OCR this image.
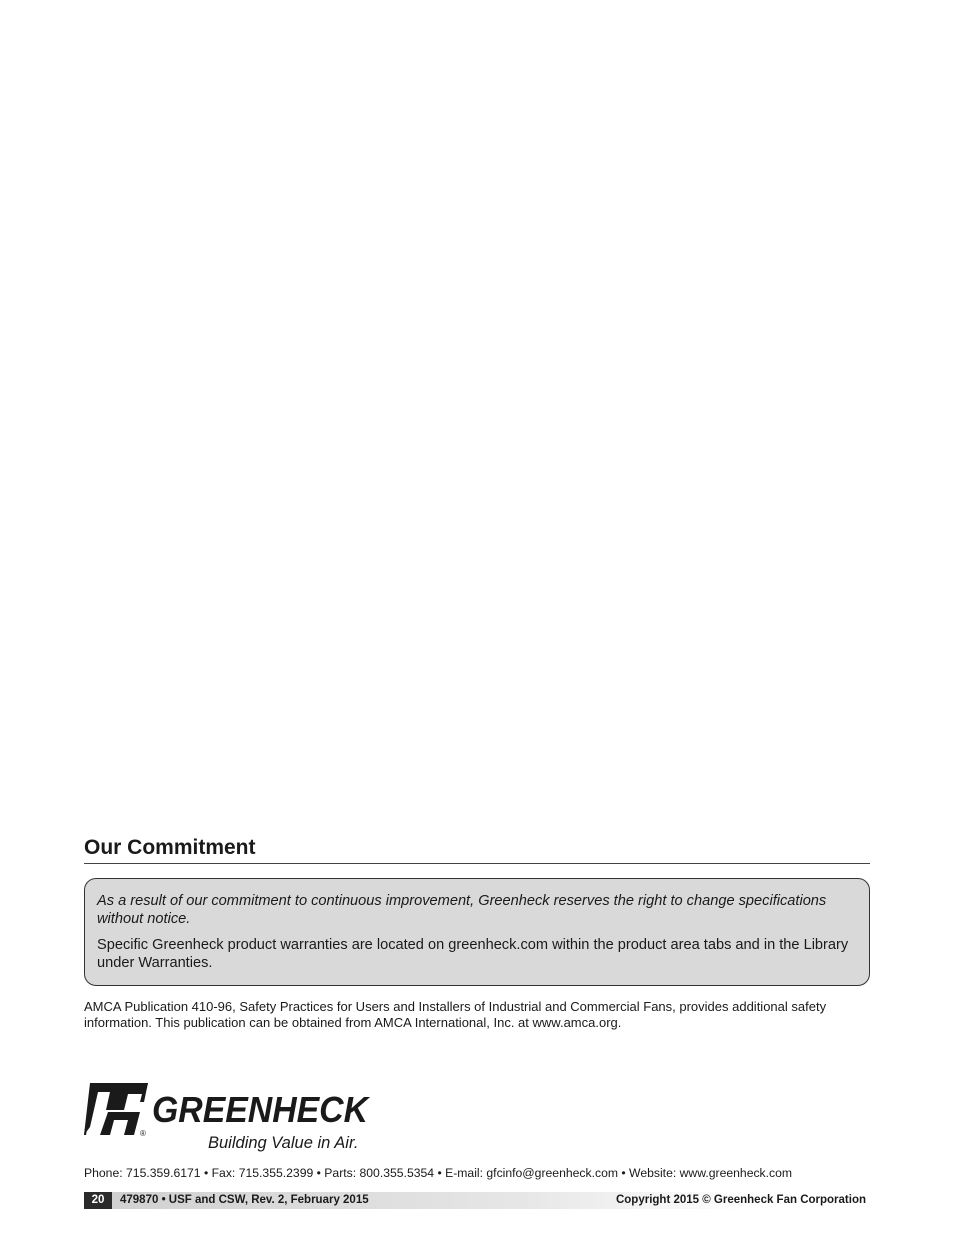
Our Commitment

As a result of our commitment to continuous improvement, Greenheck reserves the right to change specifications without notice.

Specific Greenheck product warranties are located on greenheck.com within the product area tabs and in the Library under Warranties.

AMCA Publication 410-96, Safety Practices for Users and Installers of Industrial and Commercial Fans, provides additional safety information. This publication can be obtained from AMCA International, Inc. at www.amca.org.

®
GREENHECK
Building Value in Air.

Phone: 715.359.6171 • Fax: 715.355.2399 • Parts: 800.355.5354 • E-mail: gfcinfo@greenheck.com • Website: www.greenheck.com

20	479870 • USF and CSW, Rev. 2, February 2015	Copyright 2015 © Greenheck Fan Corporation
